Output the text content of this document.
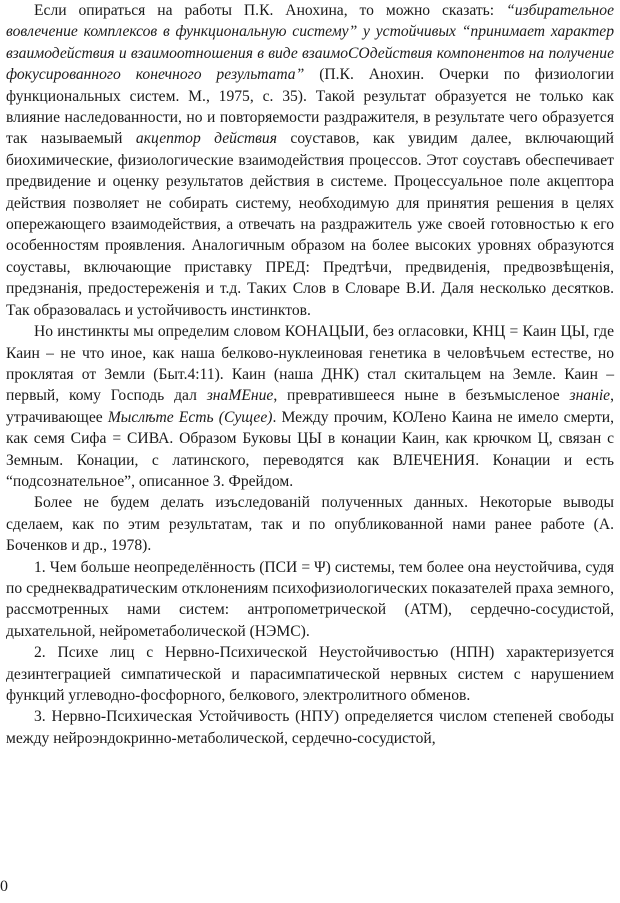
Если опираться на работы П.К. Анохина, то можно сказать: “избирательное вовлечение комплексов в функциональную систему” у устойчивых “принимает характер взаимодействия и взаимоотношения в виде взаимоСОдействия компонентов на получение фокусированного конечного результата” (П.К. Анохин. Очерки по физиологии функциональных систем. М., 1975, с. 35). Такой результат образуется не только как влияние наследованности, но и повторяемости раздражителя, в результате чего образуется так называемый акцептор действия соуставов, как увидим далее, включающий биохимические, физиологические взаимодействия процессов. Этот соуставъ обеспечивает предвидение и оценку результатов действия в системе. Процессуальное поле акцептора действия позволяет не собирать систему, необходимую для принятия решения в целях опережающего взаимодействия, а отвечать на раздражитель уже своей готовностью к его особенностям проявления. Аналогичным образом на более высоких уровнях образуются соуставы, включающие приставку ПРЕД: Предтѣчи, предвиденія, предвозвѣщенія, предзнанія, предостереженія и т.д. Таких Слов в Словаре В.И. Даля несколько десятков. Так образовалась и устойчивость инстинктов.

Но инстинкты мы определим словом КОНАЦЫИ, без огласовки, КНЦ = Каин ЦЫ, где Каин – не что иное, как наша белково-нуклеиновая генетика в человѣчьем естестве, но проклятая от Земли (Быт.4:11). Каин (наша ДНК) стал скитальцем на Земле. Каин – первый, кому Господь дал знаМЕние, превратившееся ныне в безъмысленое знаніе, утрачивающее Мыслѣте Есть (Сущее). Между прочим, КОЛено Каина не имело смерти, как семя Сифа = СИВА. Образом Буковы ЦЫ в конации Каин, как крючком Ц, связан с Земным. Конации, с латинского, переводятся как ВЛЕЧЕНИЯ. Конации и есть “подсознательное”, описанное З. Фрейдом.

Более не будем делать изъследованій полученных данных. Некоторые выводы сделаем, как по этим результатам, так и по опубликованной нами ранее работе (А. Боченков и др., 1978).

1. Чем больше неопределённость (ПСИ = Ψ) системы, тем более она неустойчива, судя по среднеквадратическим отклонениям психофизиологических показателей праха земного, рассмотренных нами систем: антропометрической (АТМ), сердечно-сосудистой, дыхательной, нейрометаболической (НЭМС).

2. Психе лиц с Нервно-Психической Неустойчивостью (НПН) характеризуется дезинтеграцией симпатической и парасимпатической нервных систем с нарушением функций углеводно-фосфорного, белкового, электролитного обменов.

3. Нервно-Психическая Устойчивость (НПУ) определяется числом степеней свободы между нейроэндокринно-метаболической, сердечно-сосудистой,

0
